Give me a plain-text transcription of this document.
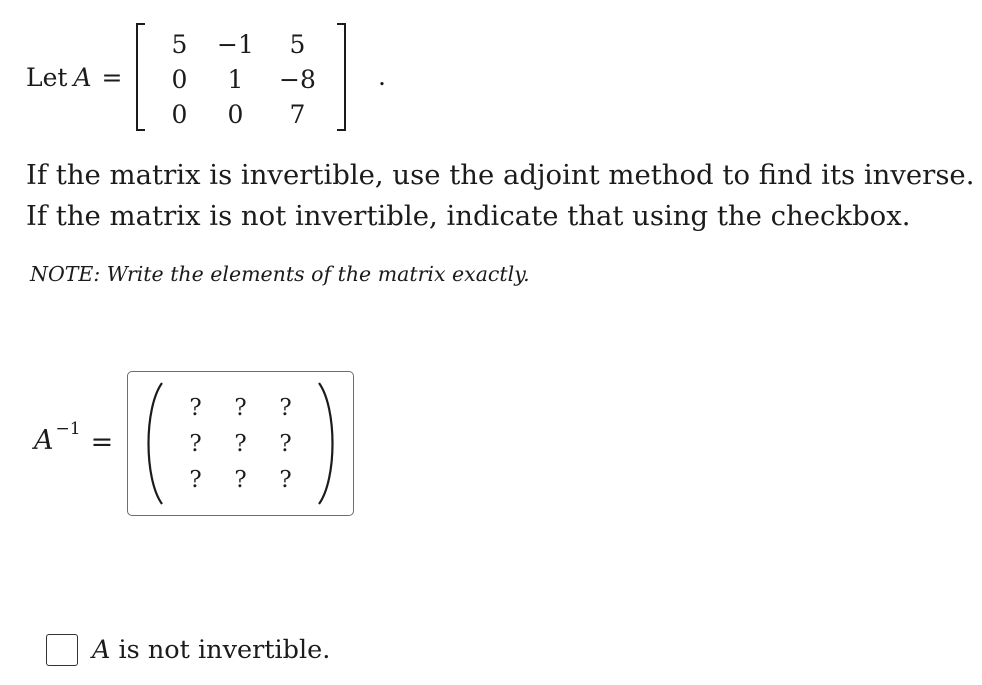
Let A =
5 −1 5
0 1 −8
0 0 7
.
If the matrix is invertible, use the adjoint method to find its inverse.
If the matrix is not invertible, indicate that using the checkbox.
NOTE: Write the elements of the matrix exactly.
$A^{-1}$ =
? ? ?
? ? ?
? ? ?
A is not invertible.
